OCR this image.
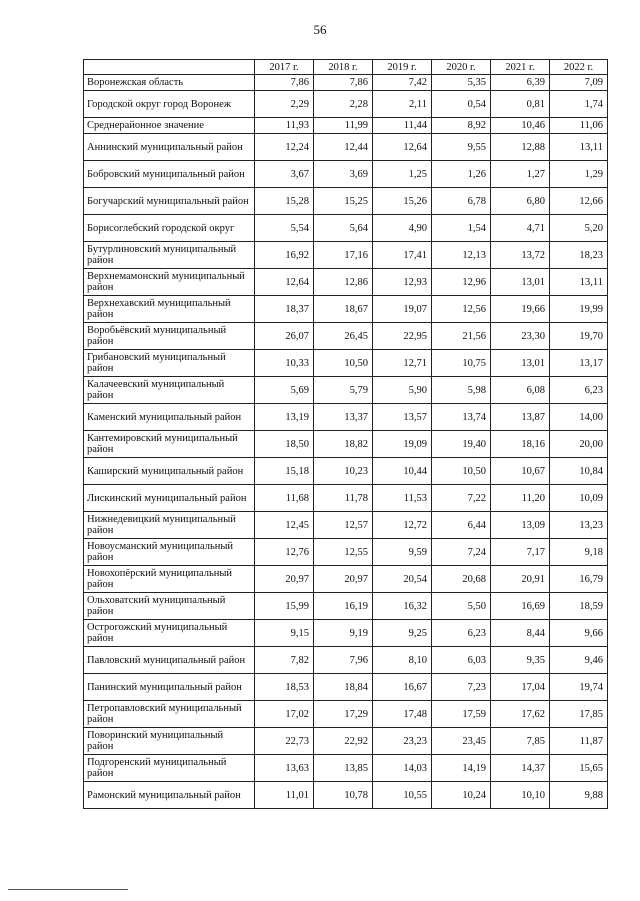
56
	2017 г.	2018 г.	2019 г.	2020 г.	2021 г.	2022 г.
Воронежская область	7,86	7,86	7,42	5,35	6,39	7,09
Городской округ город Воронеж	2,29	2,28	2,11	0,54	0,81	1,74
Среднерайонное значение	11,93	11,99	11,44	8,92	10,46	11,06
Аннинский муниципальный район	12,24	12,44	12,64	9,55	12,88	13,11
Бобровский муниципальный район	3,67	3,69	1,25	1,26	1,27	1,29
Богучарский муниципальный район	15,28	15,25	15,26	6,78	6,80	12,66
Борисоглебский городской округ	5,54	5,64	4,90	1,54	4,71	5,20
Бутурлиновский муниципальный район	16,92	17,16	17,41	12,13	13,72	18,23
Верхнемамонский муниципальный район	12,64	12,86	12,93	12,96	13,01	13,11
Верхнехавский муниципальный район	18,37	18,67	19,07	12,56	19,66	19,99
Воробьёвский муниципальный район	26,07	26,45	22,95	21,56	23,30	19,70
Грибановский муниципальный район	10,33	10,50	12,71	10,75	13,01	13,17
Калачеевский муниципальный район	5,69	5,79	5,90	5,98	6,08	6,23
Каменский муниципальный район	13,19	13,37	13,57	13,74	13,87	14,00
Кантемировский муниципальный район	18,50	18,82	19,09	19,40	18,16	20,00
Каширский муниципальный район	15,18	10,23	10,44	10,50	10,67	10,84
Лискинский муниципальный район	11,68	11,78	11,53	7,22	11,20	10,09
Нижнедевицкий муниципальный район	12,45	12,57	12,72	6,44	13,09	13,23
Новоусманский муниципальный район	12,76	12,55	9,59	7,24	7,17	9,18
Новохопёрский муниципальный район	20,97	20,97	20,54	20,68	20,91	16,79
Ольховатский муниципальный район	15,99	16,19	16,32	5,50	16,69	18,59
Острогожский муниципальный район	9,15	9,19	9,25	6,23	8,44	9,66
Павловский муниципальный район	7,82	7,96	8,10	6,03	9,35	9,46
Панинский муниципальный район	18,53	18,84	16,67	7,23	17,04	19,74
Петропавловский муниципальный район	17,02	17,29	17,48	17,59	17,62	17,85
Поворинский муниципальный район	22,73	22,92	23,23	23,45	7,85	11,87
Подгоренский муниципальный район	13,63	13,85	14,03	14,19	14,37	15,65
Рамонский муниципальный район	11,01	10,78	10,55	10,24	10,10	9,88
